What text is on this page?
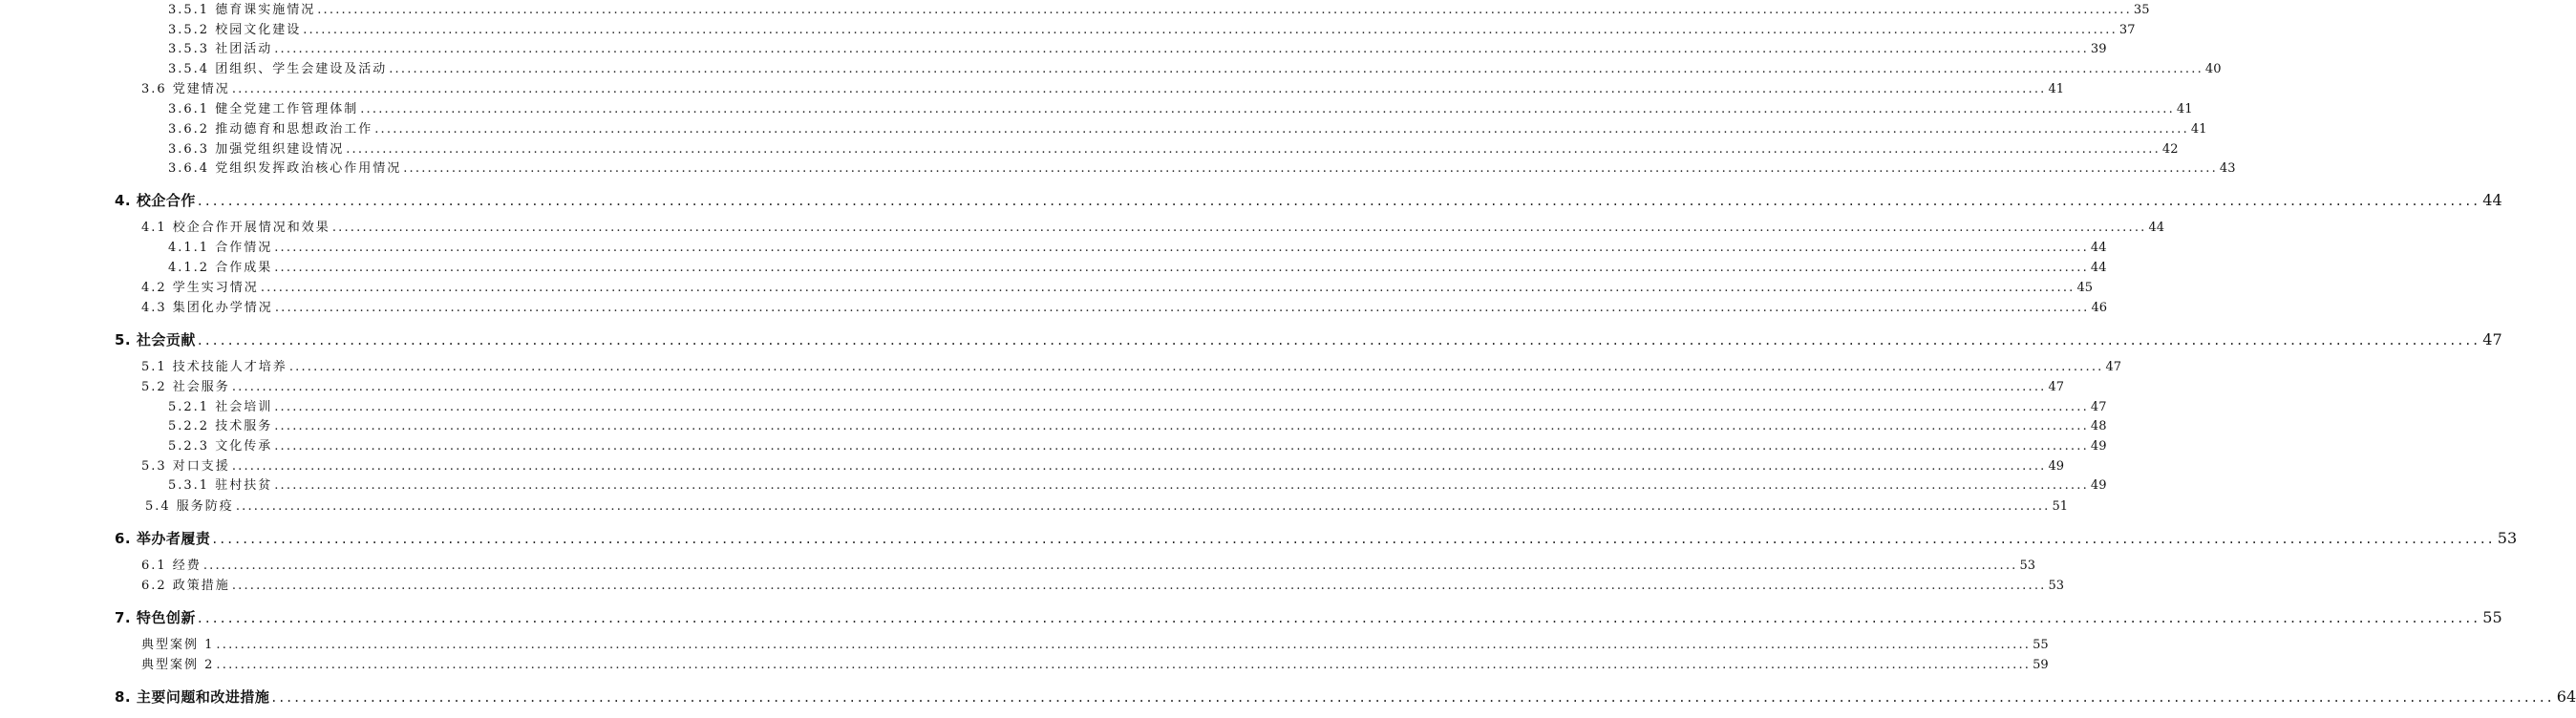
3.5.1 德育课实施情况 ............................................................................................................................................................................................................................................................................................................ 35
3.5.2 校园文化建设 ............................................................................................................................................................................................................................................................................................................ 37
3.5.3 社团活动 ............................................................................................................................................................................................................................................................................................................ 39
3.5.4 团组织、学生会建设及活动 ............................................................................................................................................................................................................................................................................................................ 40
3.6 党建情况 ............................................................................................................................................................................................................................................................................................................ 41
3.6.1 健全党建工作管理体制 ............................................................................................................................................................................................................................................................................................................ 41
3.6.2 推动德育和思想政治工作 ............................................................................................................................................................................................................................................................................................................ 41
3.6.3 加强党组织建设情况 ............................................................................................................................................................................................................................................................................................................ 42
3.6.4 党组织发挥政治核心作用情况 ............................................................................................................................................................................................................................................................................................................ 43
4. 校企合作 ............................................................................................................................................................................................................................................................................................................ 44
4.1 校企合作开展情况和效果 ............................................................................................................................................................................................................................................................................................................ 44
4.1.1 合作情况 ............................................................................................................................................................................................................................................................................................................ 44
4.1.2 合作成果 ............................................................................................................................................................................................................................................................................................................ 44
4.2 学生实习情况 ............................................................................................................................................................................................................................................................................................................ 45
4.3 集团化办学情况 ............................................................................................................................................................................................................................................................................................................ 46
5. 社会贡献 ............................................................................................................................................................................................................................................................................................................ 47
5.1 技术技能人才培养 ............................................................................................................................................................................................................................................................................................................ 47
5.2 社会服务 ............................................................................................................................................................................................................................................................................................................ 47
5.2.1 社会培训 ............................................................................................................................................................................................................................................................................................................ 47
5.2.2 技术服务 ............................................................................................................................................................................................................................................................................................................ 48
5.2.3 文化传承 ............................................................................................................................................................................................................................................................................................................ 49
5.3 对口支援 ............................................................................................................................................................................................................................................................................................................ 49
5.3.1 驻村扶贫 ............................................................................................................................................................................................................................................................................................................ 49
5.4 服务防疫 ............................................................................................................................................................................................................................................................................................................ 51
6. 举办者履责 ............................................................................................................................................................................................................................................................................................................ 53
6.1 经费 ............................................................................................................................................................................................................................................................................................................ 53
6.2 政策措施 ............................................................................................................................................................................................................................................................................................................ 53
7. 特色创新 ............................................................................................................................................................................................................................................................................................................ 55
典型案例 1 ............................................................................................................................................................................................................................................................................................................ 55
典型案例 2 ............................................................................................................................................................................................................................................................................................................ 59
8. 主要问题和改进措施 ............................................................................................................................................................................................................................................................................................................ 64
